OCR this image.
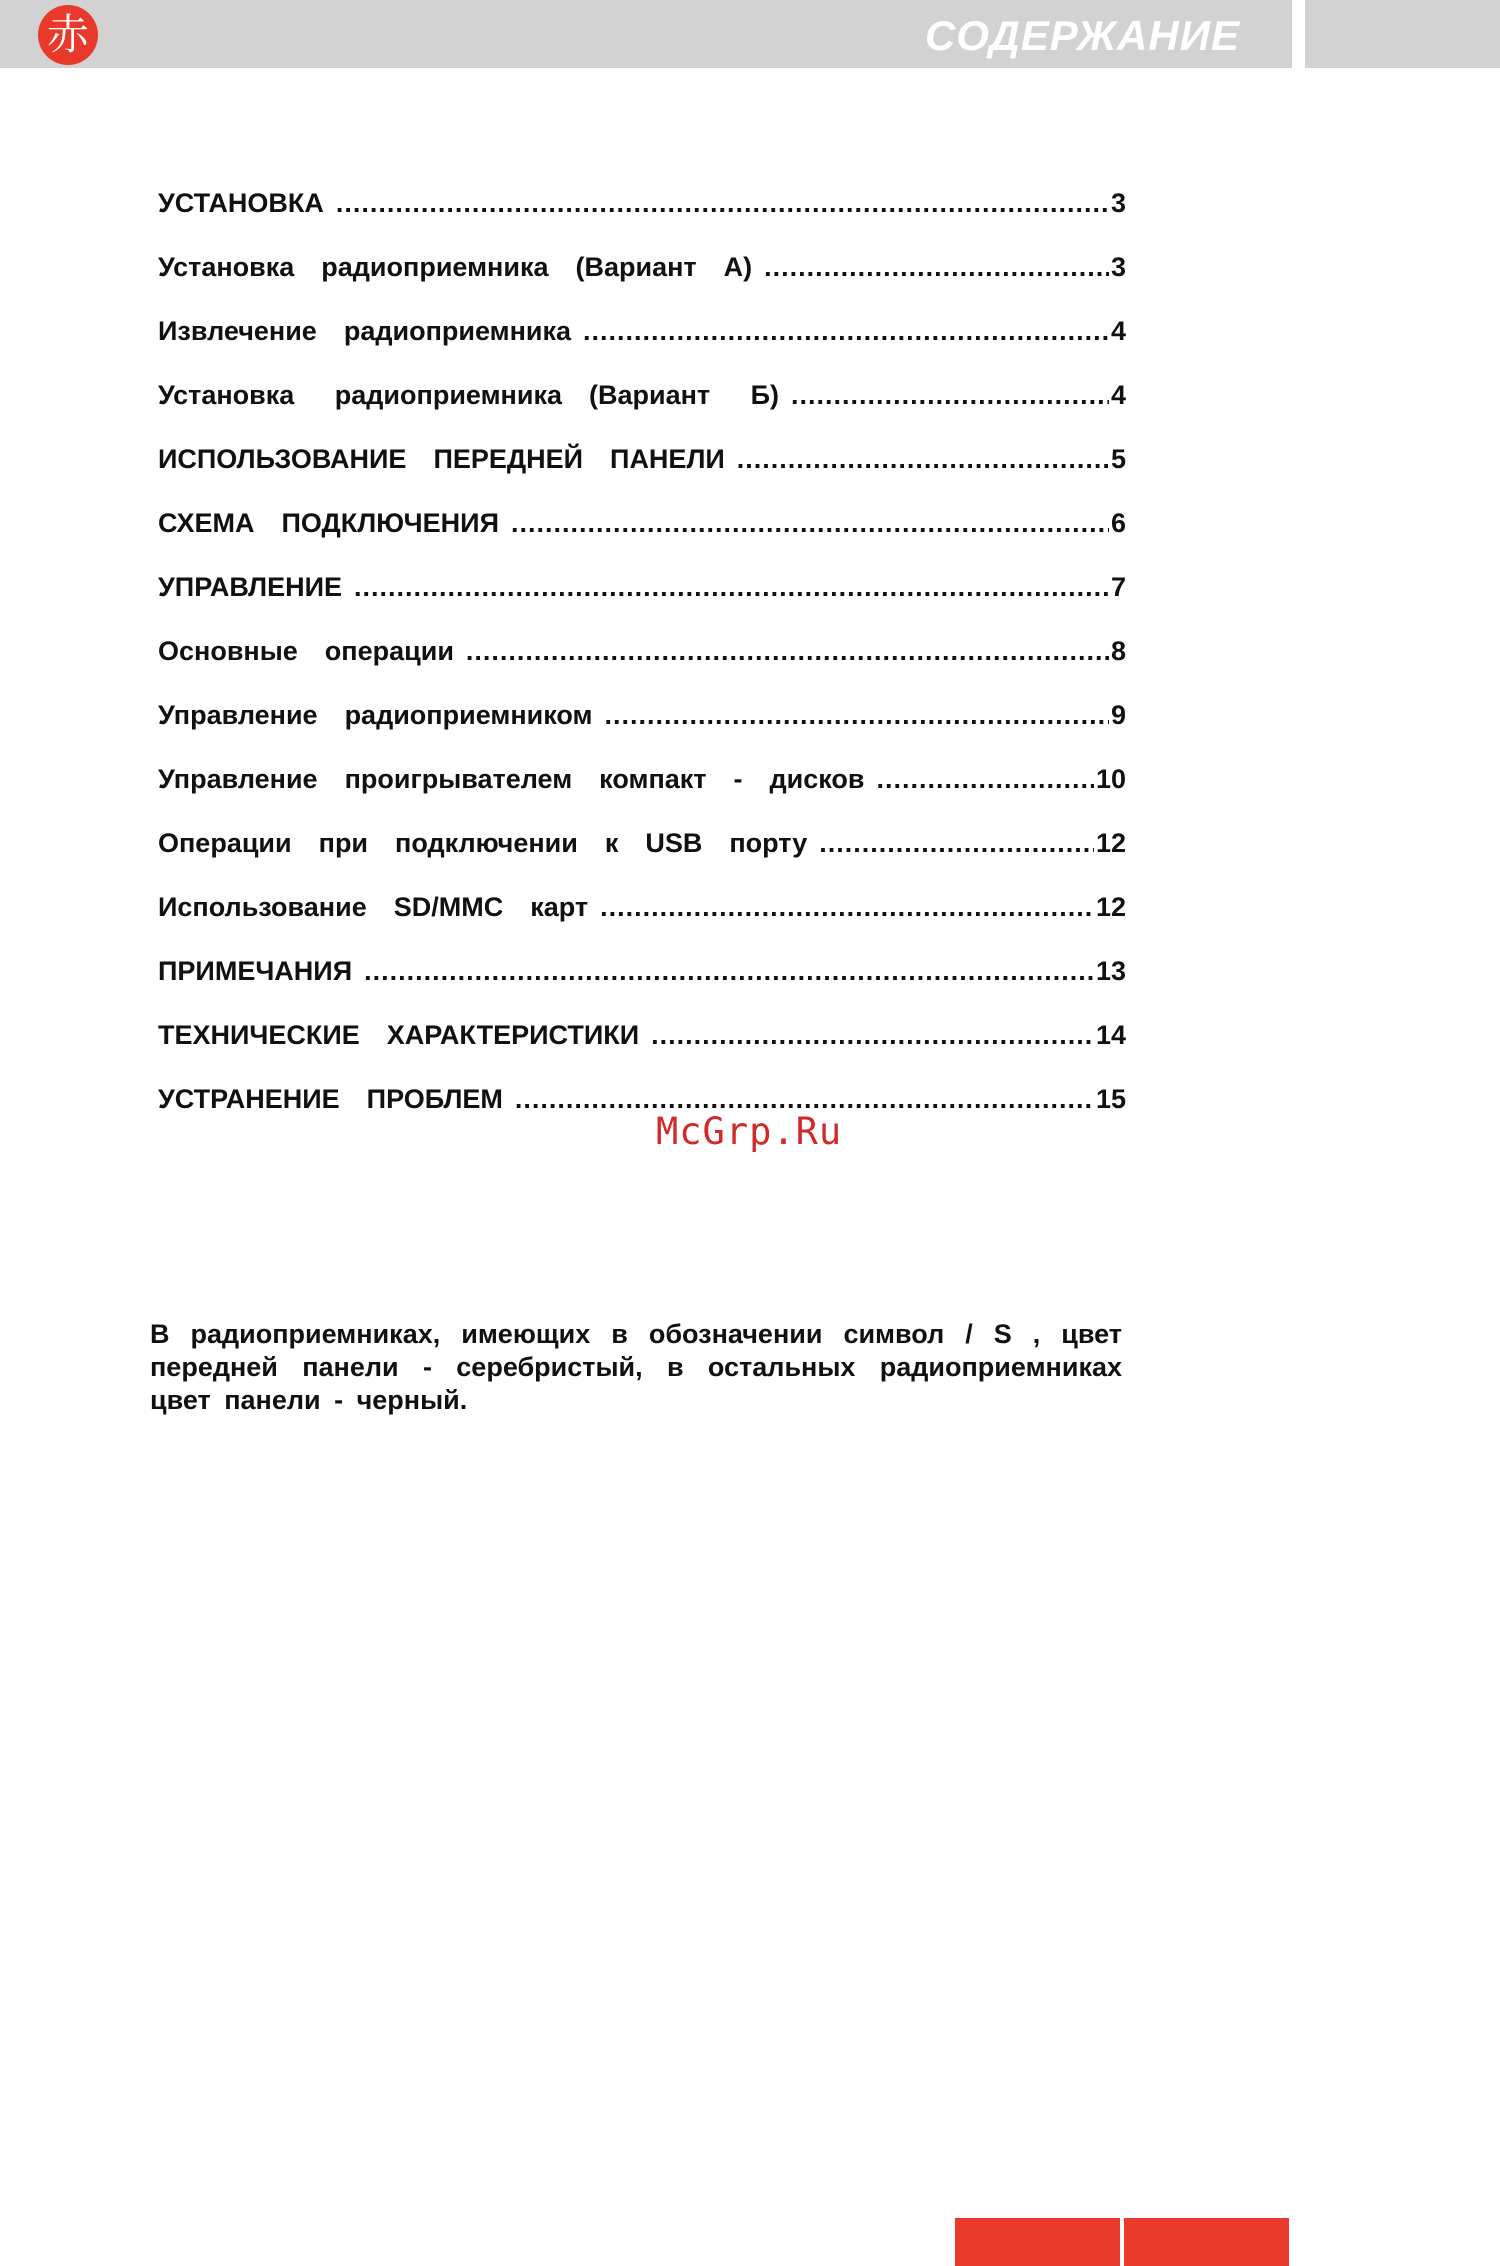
赤	СОДЕРЖАНИЕ
УСТАНОВКА .....	3
Установка  радиоприемника  (Вариант  А) .....	3
Извлечение  радиоприемника .....	4
Установка   радиоприемника  (Вариант   Б) .....	4
ИСПОЛЬЗОВАНИЕ  ПЕРЕДНЕЙ  ПАНЕЛИ .....	5
СХЕМА  ПОДКЛЮЧЕНИЯ .....	6
УПРАВЛЕНИЕ .....	7
Основные  операции .....	8
Управление  радиоприемником .....	9
Управление  проигрывателем  компакт  -  дисков .....	10
Операции  при  подключении  к  USB  порту .....	12
Использование  SD/MMC  карт .....	12
ПРИМЕЧАНИЯ .....	13
ТЕХНИЧЕСКИЕ  ХАРАКТЕРИСТИКИ .....	14
УСТРАНЕНИЕ  ПРОБЛЕМ .....	15
McGrp.Ru
В радиоприемниках, имеющих в обозначении символ / S , цвет передней панели - серебристый, в остальных радиоприемниках цвет панели - черный.
